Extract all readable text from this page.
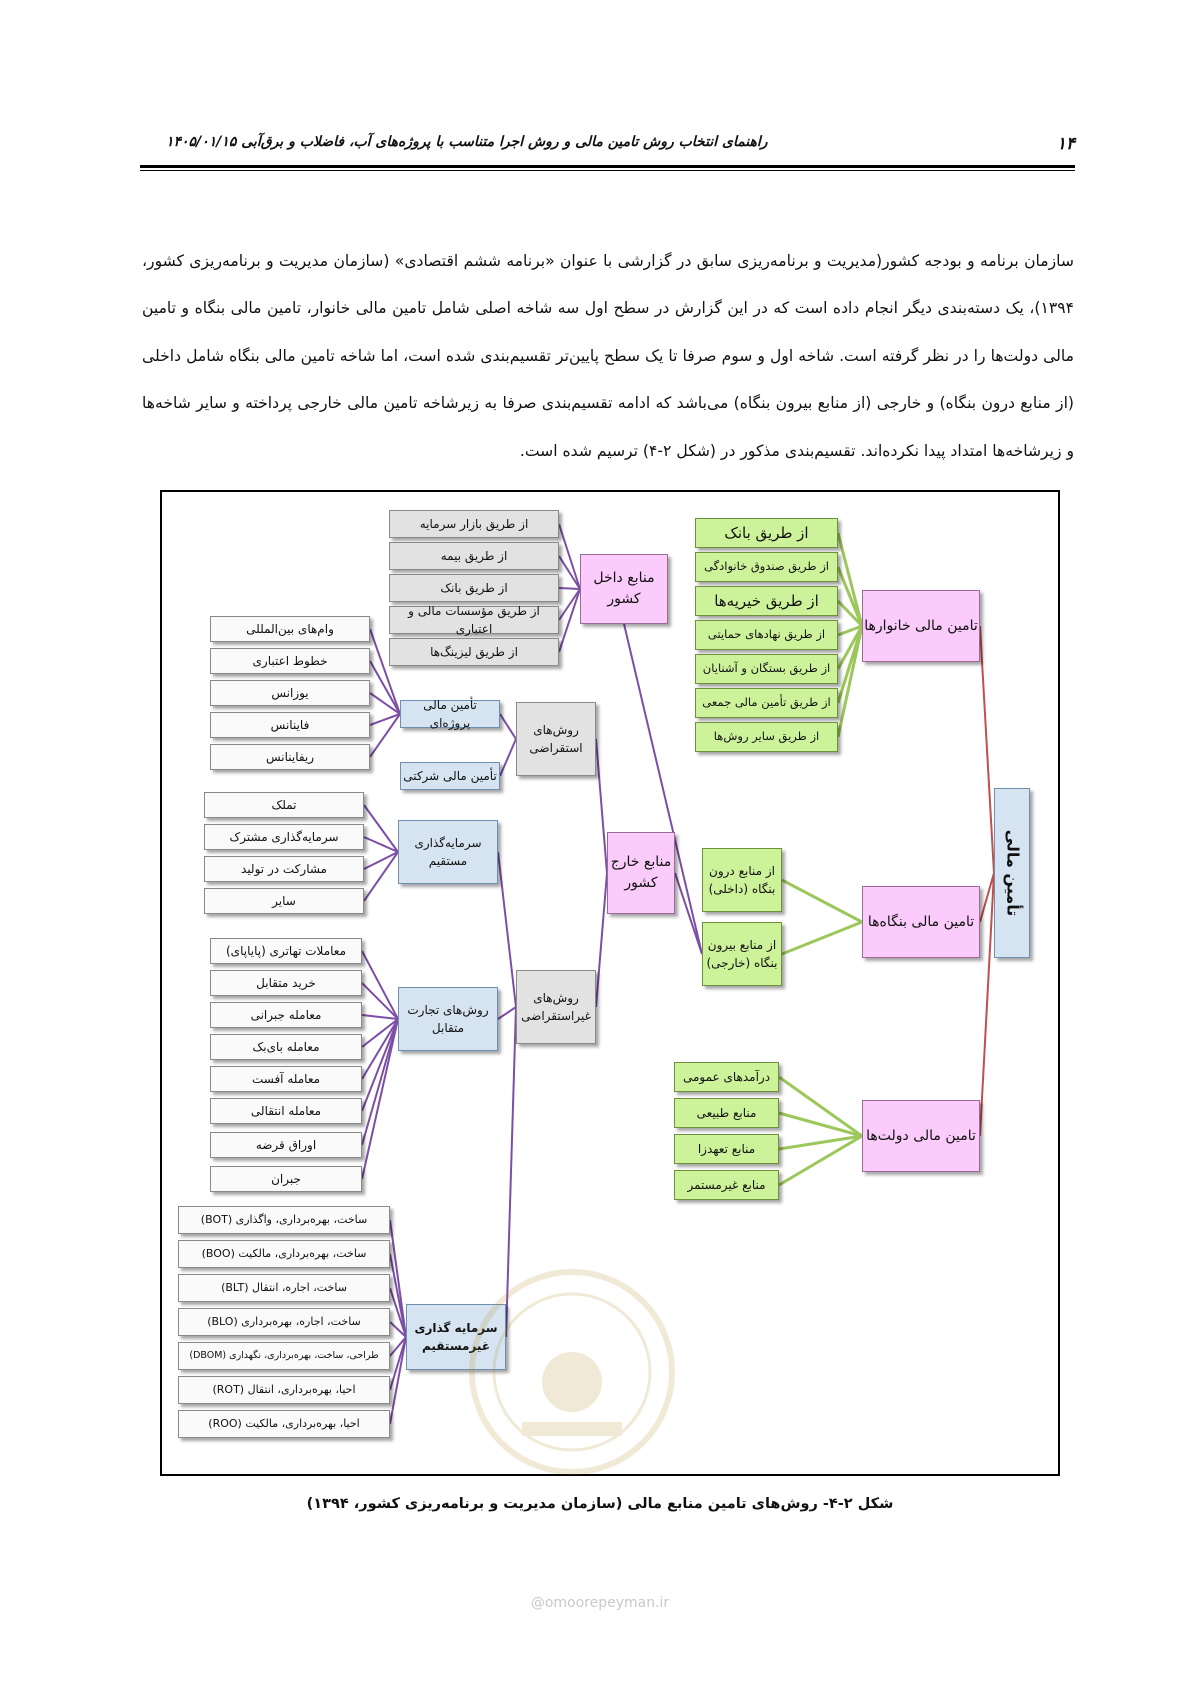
۱۴
راهنمای انتخاب روش تامین مالی و روش اجرا متناسب با پروژه‌های آب، فاضلاب و برق‌آبی ۱۴۰۵/۰۱/۱۵

سازمان برنامه و بودجه کشور(مدیریت و برنامه‌ریزی سابق در گزارشی با عنوان «برنامه ششم اقتصادی» (سازمان مدیریت و برنامه‌ریزی کشور، ۱۳۹۴)، یک دسته‌بندی دیگر انجام داده است که در این گزارش در سطح اول سه شاخه اصلی شامل تامین مالی خانوار، تامین مالی بنگاه و تامین مالی دولت‌ها را در نظر گرفته است. شاخه اول و سوم صرفا تا یک سطح پایین‌تر تقسیم‌بندی شده است، اما شاخه تامین مالی بنگاه شامل داخلی (از منابع درون بنگاه) و خارجی (از منابع بیرون بنگاه) می‌باشد که ادامه تقسیم‌بندی صرفا به زیرشاخه تامین مالی خارجی پرداخته و سایر شاخه‌ها و زیرشاخه‌ها امتداد پیدا نکرده‌اند. تقسیم‌بندی مذکور در (شکل ۲-۴) ترسیم شده است.

از طریق بازار سرمایه
از طریق بیمه
از طریق بانک
از طریق مؤسسات مالی و اعتباری
از طریق لیزینگ‌ها
منابع داخل کشور
وام‌های بین‌المللی
خطوط اعتباری
یوزانس
فاینانس
ریفاینانس
تأمین مالی پروژه‌ای
تأمین مالی شرکتی
روش‌های استقراضی
تملک
سرمایه‌گذاری مشترک
مشارکت در تولید
سایر
سرمایه‌گذاری مستقیم	منابع خارج کشور
معاملات تهاتری (پایاپای)
خرید متقابل
معامله جبرانی
معامله بای‌بک
معامله آفست
معامله انتقالی
اوراق قرضه
جبران
روش‌های تجارت متقابل
روش‌های غیراستقراضی
ساخت، بهره‌برداری، واگذاری (BOT)
ساخت، بهره‌برداری، مالکیت (BOO)
ساخت، اجاره، انتقال (BLT)
ساخت، اجاره، بهره‌برداری (BLO)
طراحی، ساخت، بهره‌برداری، نگهداری (DBOM)
احیا، بهره‌برداری، انتقال (ROT)
احیا، بهره‌برداری، مالکیت (ROO)
سرمایه گذاری غیرمستقیم
از طریق بانک
از طریق صندوق خانوادگی
از طریق خیریه‌ها
از طریق نهادهای حمایتی
از طریق بستگان و آشنایان
از طریق تأمین مالی جمعی
از طریق سایر روش‌ها
تامین مالی خانوارها
از منابع درون بنگاه (داخلی)
از منابع بیرون بنگاه (خارجی)
تامین مالی بنگاه‌ها
درآمدهای عمومی
منابع طبیعی
منابع تعهدزا
منابع غیرمستمر
تامین مالی دولت‌ها
تأمین مالی
شکل ۲-۴- روش‌های تامین منابع مالی (سازمان مدیریت و برنامه‌ریزی کشور، ۱۳۹۴)
@omoorepeyman.ir
